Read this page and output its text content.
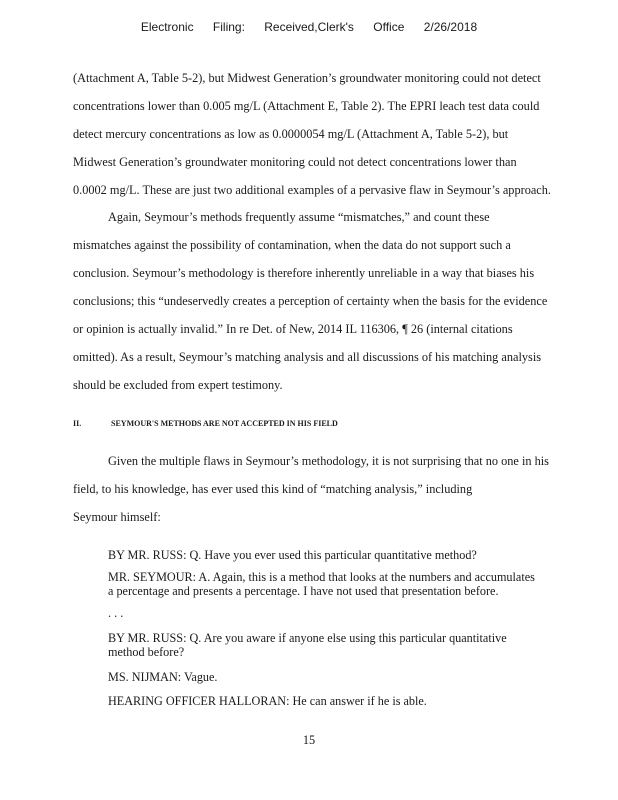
Electronic Filing: Received,Clerk's Office 2/26/2018
(Attachment A, Table 5-2), but Midwest Generation’s groundwater monitoring could not detect
concentrations lower than 0.005 mg/L (Attachment E, Table 2). The EPRI leach test data could
detect mercury concentrations as low as 0.0000054 mg/L (Attachment A, Table 5-2), but
Midwest Generation’s groundwater monitoring could not detect concentrations lower than
0.0002 mg/L. These are just two additional examples of a pervasive flaw in Seymour’s approach.
Again, Seymour’s methods frequently assume “mismatches,” and count these
mismatches against the possibility of contamination, when the data do not support such a
conclusion. Seymour’s methodology is therefore inherently unreliable in a way that biases his
conclusions; this “undeservedly creates a perception of certainty when the basis for the evidence
or opinion is actually invalid.” In re Det. of New, 2014 IL 116306, ¶ 26 (internal citations
omitted). As a result, Seymour’s matching analysis and all discussions of his matching analysis
should be excluded from expert testimony.
II.	SEYMOUR'S METHODS ARE NOT ACCEPTED IN HIS FIELD
Given the multiple flaws in Seymour’s methodology, it is not surprising that no one in his
field, to his knowledge, has ever used this kind of “matching analysis,” including
Seymour himself:
BY MR. RUSS: Q. Have you ever used this particular quantitative method?
MR. SEYMOUR: A. Again, this is a method that looks at the numbers and accumulates
a percentage and presents a percentage. I have not used that presentation before.
. . .
BY MR. RUSS: Q. Are you aware if anyone else using this particular quantitative
method before?
MS. NIJMAN: Vague.
HEARING OFFICER HALLORAN: He can answer if he is able.
15
